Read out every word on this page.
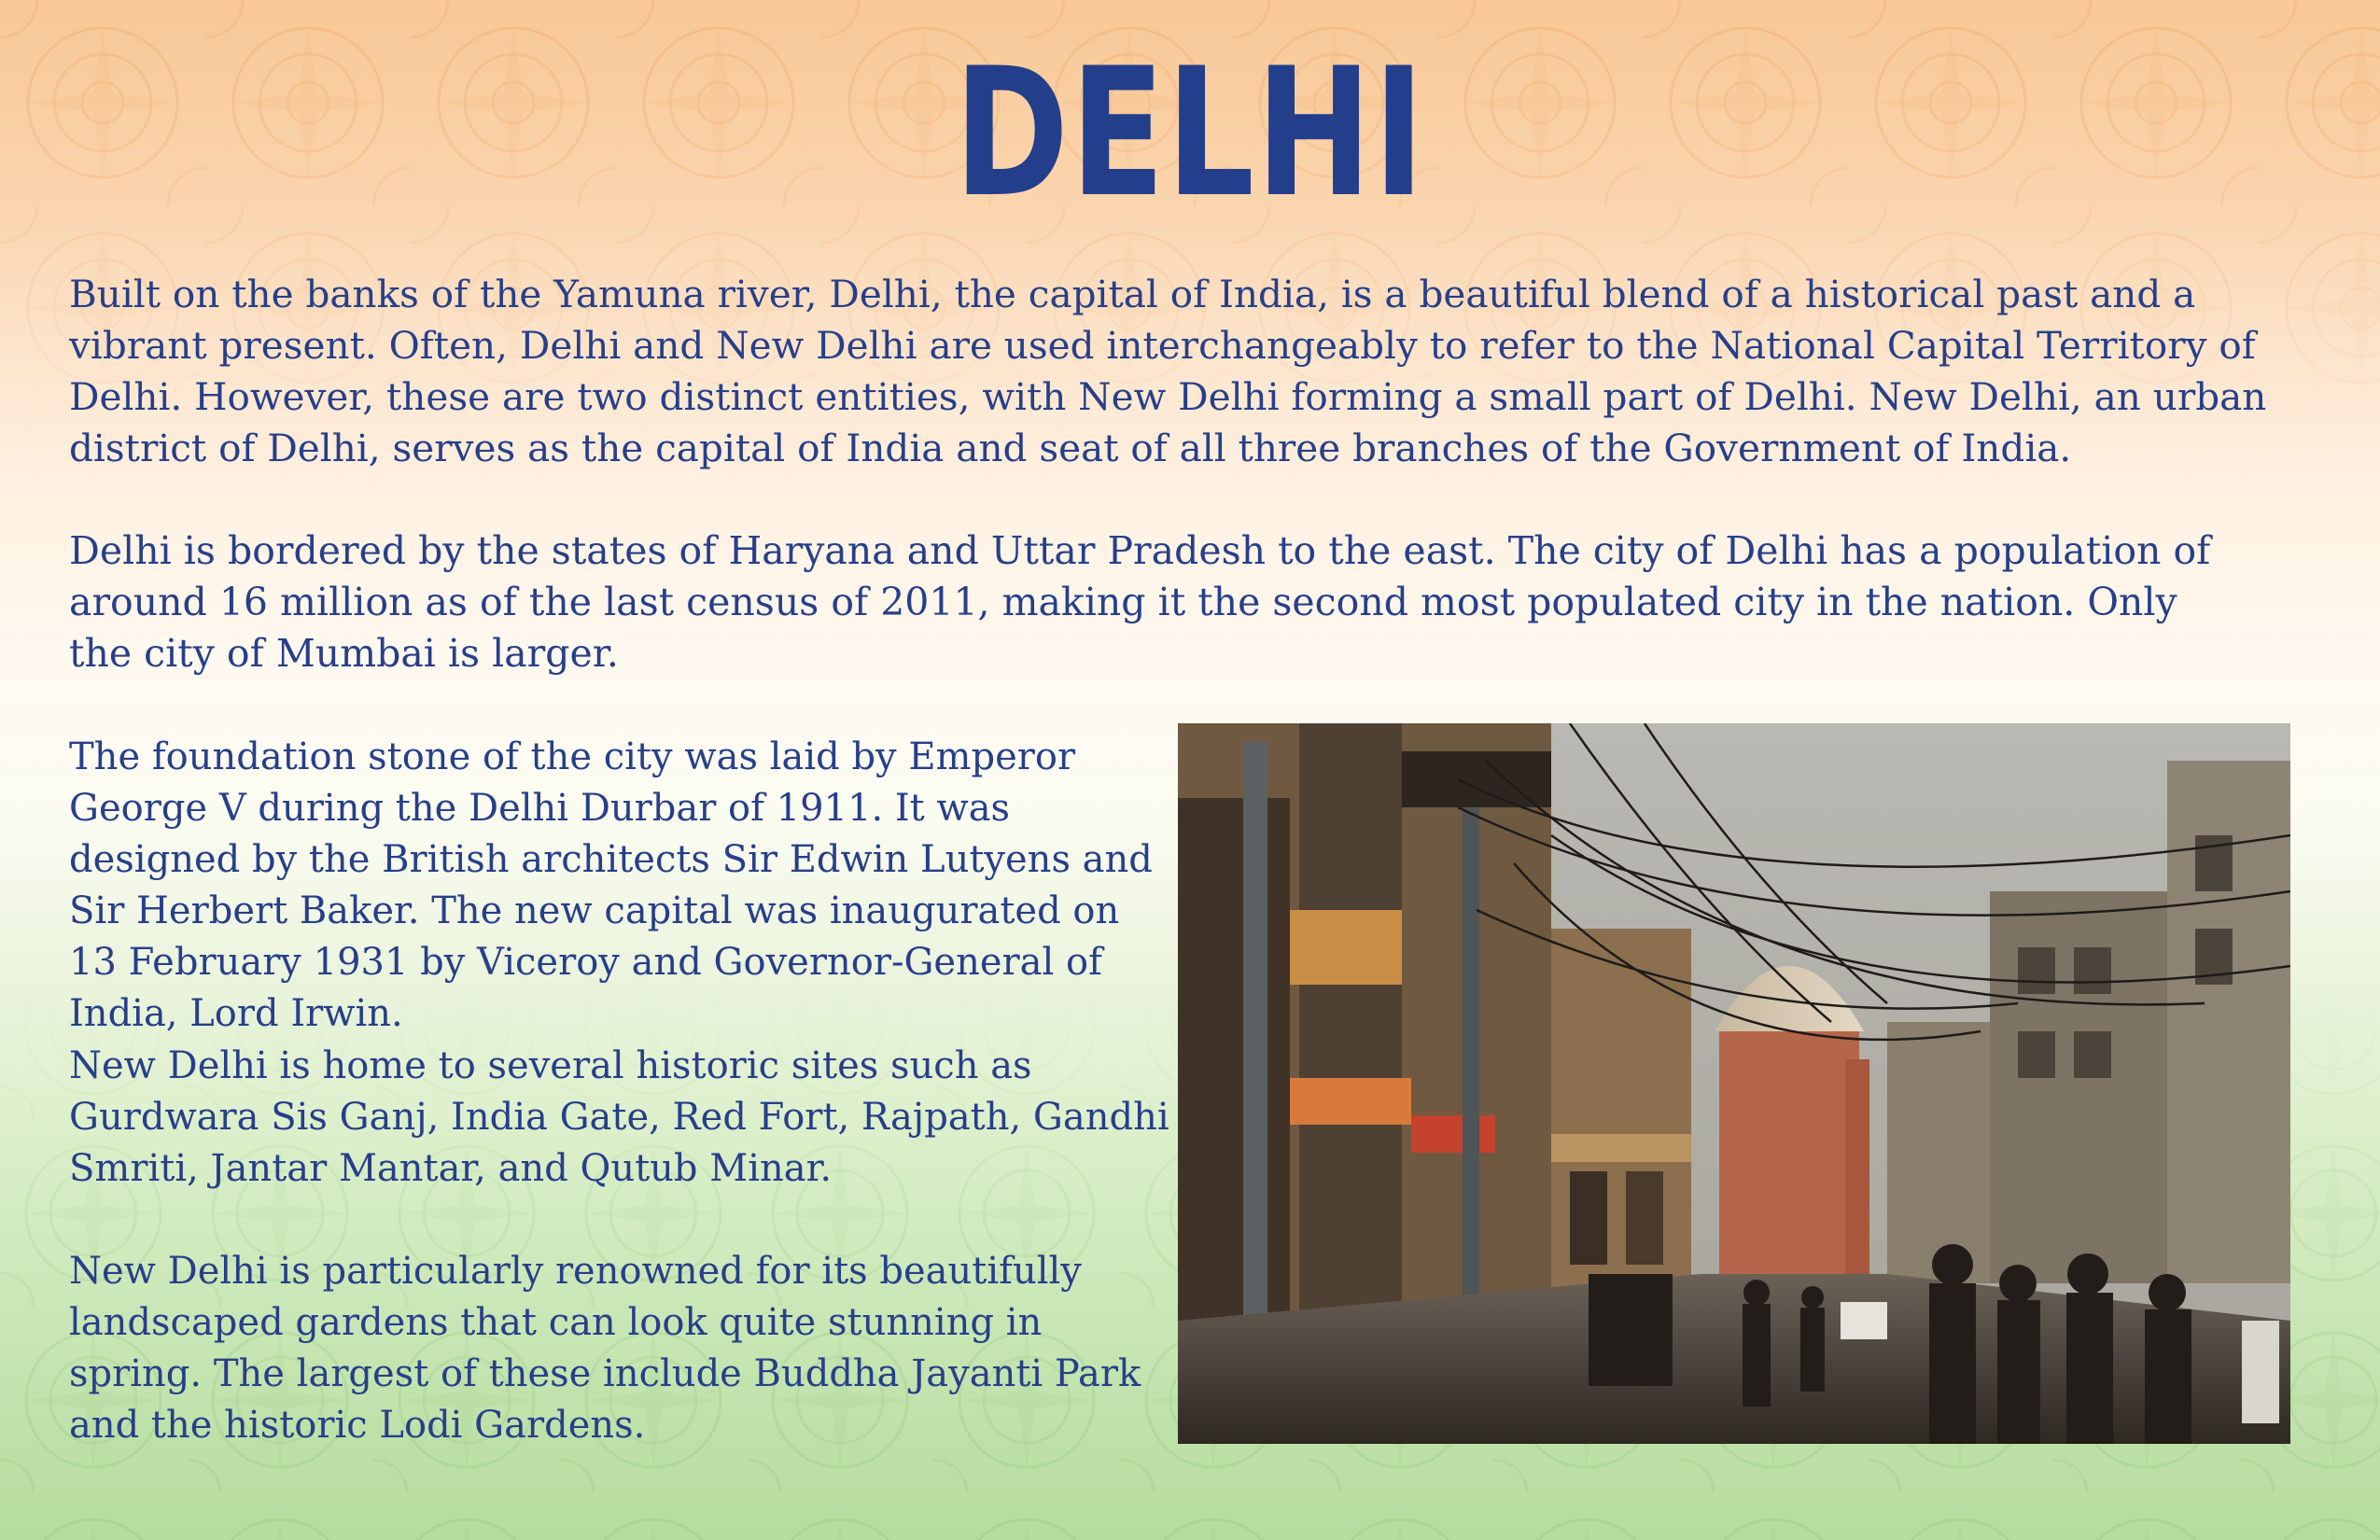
DELHI

Built on the banks of the Yamuna river, Delhi, the capital of India, is a beautiful blend of a historical past and a vibrant present. Often, Delhi and New Delhi are used interchangeably to refer to the National Capital Territory of Delhi. However, these are two distinct entities, with New Delhi forming a small part of Delhi. New Delhi, an urban district of Delhi, serves as the capital of India and seat of all three branches of the Government of India.

Delhi is bordered by the states of Haryana and Uttar Pradesh to the east. The city of Delhi has a population of around 16 million as of the last census of 2011, making it the second most populated city in the nation. Only the city of Mumbai is larger.

The foundation stone of the city was laid by Emperor George V during the Delhi Durbar of 1911. It was designed by the British architects Sir Edwin Lutyens and Sir Herbert Baker. The new capital was inaugurated on 13 February 1931 by Viceroy and Governor-General of India, Lord Irwin.

New Delhi is home to several historic sites such as Gurdwara Sis Ganj, India Gate, Red Fort, Rajpath, Gandhi Smriti, Jantar Mantar, and Qutub Minar.

New Delhi is particularly renowned for its beautifully landscaped gardens that can look quite stunning in spring. The largest of these include Buddha Jayanti Park and the historic Lodi Gardens.
